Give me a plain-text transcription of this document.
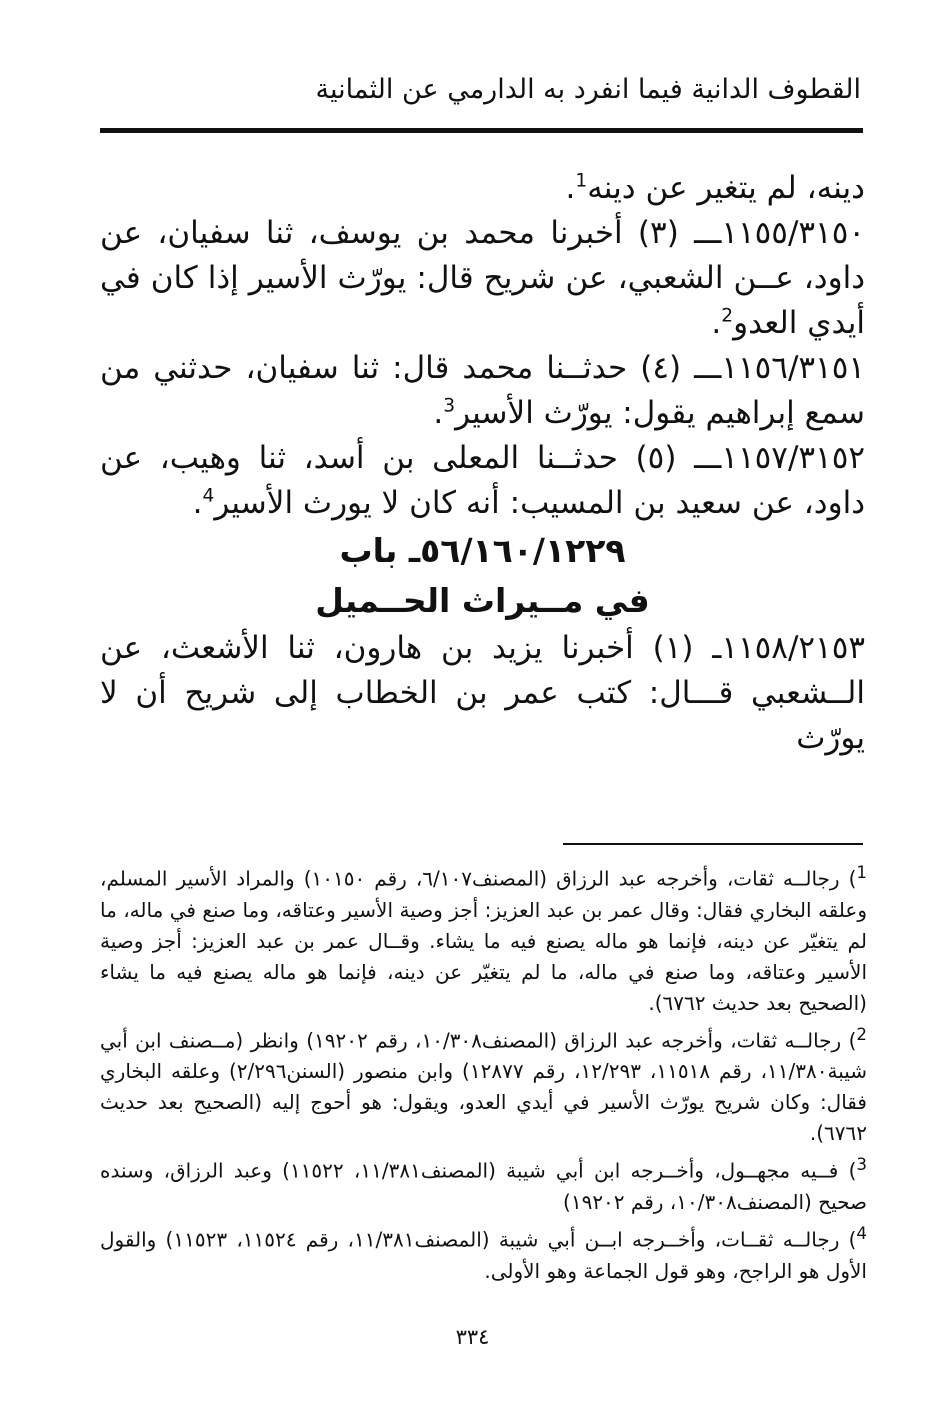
القطوف الدانية فيما انفرد به الدارمي عن الثمانية

دينه، لم يتغير عن دينه$^1$.

١١٥٥/٣١٥٠ـــ (٣) أخبرنا محمد بن يوسف، ثنا سفيان، عن داود، عــن الشعبي، عن شريح قال: يورّث الأسير إذا كان في أيدي العدو$^2$.

١١٥٦/٣١٥١ـــ (٤) حدثــنا محمد قال: ثنا سفيان، حدثني من سمع إبراهيم يقول: يورّث الأسير$^3$.

١١٥٧/٣١٥٢ـــ (٥) حدثــنا المعلى بن أسد، ثنا وهيب، عن داود، عن سعيد بن المسيب: أنه كان لا يورث الأسير$^4$.

٥٦/١٦٠/١٢٢٩ـ باب

في مــيراث الحــميل

١١٥٨/٢١٥٣ـ (١) أخبرنا يزيد بن هارون، ثنا الأشعث، عن الــشعبي قـــال: كتب عمر بن الخطاب إلى شريح أن لا يورّث

$^1$) رجالــه ثقات، وأخرجه عبد الرزاق (المصنف٦/١٠٧، رقم ١٠١٥٠) والمراد الأسير المسلم، وعلقه البخاري فقال: وقال عمر بن عبد العزيز: أجز وصية الأسير وعتاقه، وما صنع في ماله، ما لم يتغيّر عن دينه، فإنما هو ماله يصنع فيه ما يشاء. وقــال عمر بن عبد العزيز: أجز وصية الأسير وعتاقه، وما صنع في ماله، ما لم يتغيّر عن دينه، فإنما هو ماله يصنع فيه ما يشاء (الصحيح بعد حديث ٦٧٦٢).

$^2$) رجالــه ثقات، وأخرجه عبد الرزاق (المصنف١٠/٣٠٨، رقم ١٩٢٠٢) وانظر (مــصنف ابن أبي شيبة١١/٣٨٠، رقم ١١٥١٨، ١٢/٢٩٣، رقم ١٢٨٧٧) وابن منصور (السنن٢/٢٩٦) وعلقه البخاري فقال: وكان شريح يورّث الأسير في أيدي العدو، ويقول: هو أحوج إليه (الصحيح بعد حديث ٦٧٦٢).

$^3$) فــيه مجهــول، وأخــرجه ابن أبي شيبة (المصنف١١/٣٨١، ١١٥٢٢) وعبد الرزاق، وسنده صحيح (المصنف١٠/٣٠٨، رقم ١٩٢٠٢)

$^4$) رجالــه ثقــات، وأخــرجه ابــن أبي شيبة (المصنف١١/٣٨١، رقم ١١٥٢٤، ١١٥٢٣) والقول الأول هو الراجح، وهو قول الجماعة وهو الأولى.

٣٣٤
